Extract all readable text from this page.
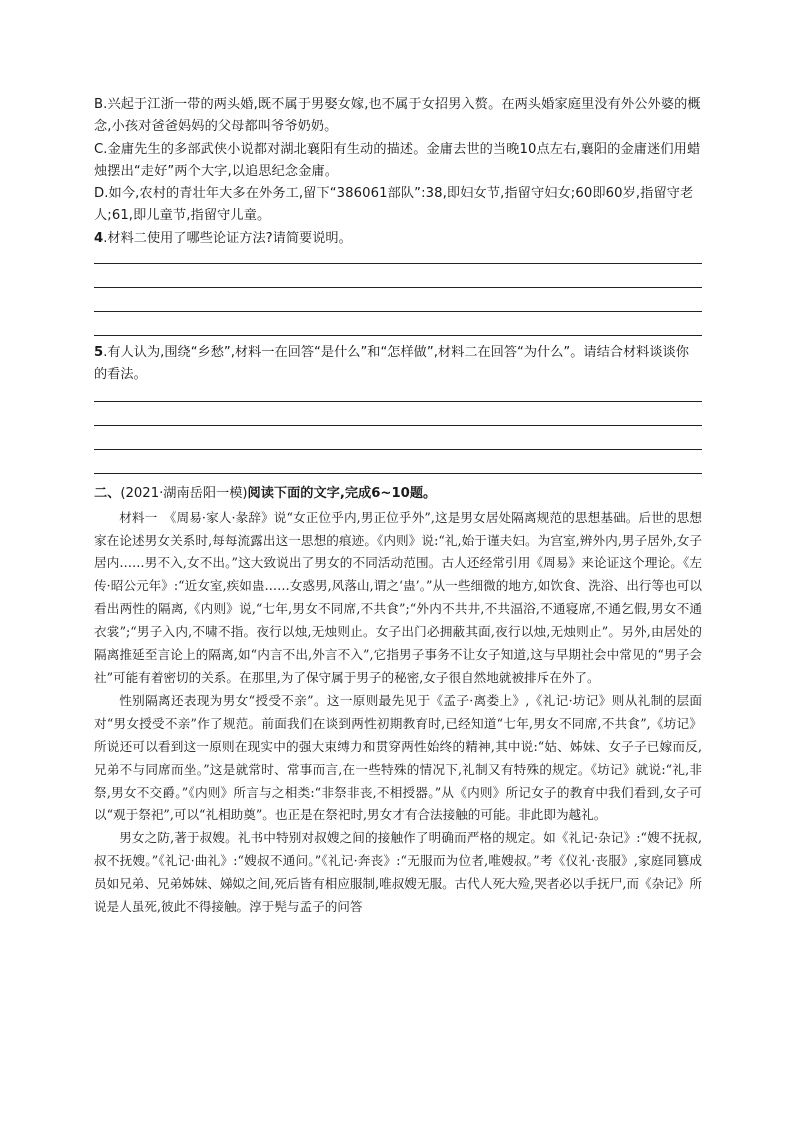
B.兴起于江浙一带的两头婚,既不属于男娶女嫁,也不属于女招男入赘。在两头婚家庭里没有外公外婆的概念,小孩对爸爸妈妈的父母都叫爷爷奶奶。

C.金庸先生的多部武侠小说都对湖北襄阳有生动的描述。金庸去世的当晚10点左右,襄阳的金庸迷们用蜡烛摆出“走好”两个大字,以追思纪念金庸。

D.如今,农村的青壮年大多在外务工,留下“386061部队”:38,即妇女节,指留守妇女;60即60岁,指留守老人;61,即儿童节,指留守儿童。

4.材料二使用了哪些论证方法?请简要说明。

5.有人认为,围绕“乡愁”,材料一在回答“是什么”和“怎样做”,材料二在回答“为什么”。请结合材料谈谈你的看法。

二、(2021·湖南岳阳一模)阅读下面的文字,完成6~10题。

材料一　《周易·家人·彖辞》说“女正位乎内,男正位乎外”,这是男女居处隔离规范的思想基础。后世的思想家在论述男女关系时,每每流露出这一思想的痕迹。《内则》说:“礼,始于谨夫妇。为宫室,辨外内,男子居外,女子居内……男不入,女不出。”这大致说出了男女的不同活动范围。古人还经常引用《周易》来论证这个理论。《左传·昭公元年》:“近女室,疾如蛊……女惑男,风落山,谓之‘蛊’。”从一些细微的地方,如饮食、洗浴、出行等也可以看出两性的隔离,《内则》说,“七年,男女不同席,不共食”;“外内不共井,不共湢浴,不通寝席,不通乞假,男女不通衣裳”;“男子入内,不啸不指。夜行以烛,无烛则止。女子出门必拥蔽其面,夜行以烛,无烛则止”。另外,由居处的隔离推延至言论上的隔离,如“内言不出,外言不入”,它指男子事务不让女子知道,这与早期社会中常见的“男子会社”可能有着密切的关系。在那里,为了保守属于男子的秘密,女子很自然地就被排斥在外了。

性别隔离还表现为男女“授受不亲”。这一原则最先见于《孟子·离娄上》,《礼记·坊记》则从礼制的层面对“男女授受不亲”作了规范。前面我们在谈到两性初期教育时,已经知道“七年,男女不同席,不共食”,《坊记》所说还可以看到这一原则在现实中的强大束缚力和贯穿两性始终的精神,其中说:“姑、姊妹、女子子已嫁而反,兄弟不与同席而坐。”这是就常时、常事而言,在一些特殊的情况下,礼制又有特殊的规定。《坊记》就说:“礼,非祭,男女不交爵。”《内则》所言与之相类:“非祭非丧,不相授器。”从《内则》所记女子的教育中我们看到,女子可以“观于祭祀”,可以“礼相助奠”。也正是在祭祀时,男女才有合法接触的可能。非此即为越礼。

男女之防,著于叔嫂。礼书中特别对叔嫂之间的接触作了明确而严格的规定。如《礼记·杂记》:“嫂不抚叔,叔不抚嫂。”《礼记·曲礼》:“嫂叔不通问。”《礼记·奔丧》:“无服而为位者,唯嫂叔。”考《仪礼·丧服》,家庭同篡成员如兄弟、兄弟姊妹、娣姒之间,死后皆有相应服制,唯叔嫂无服。古代人死大殓,哭者必以手抚尸,而《杂记》所说是人虽死,彼此不得接触。淳于髡与孟子的问答
